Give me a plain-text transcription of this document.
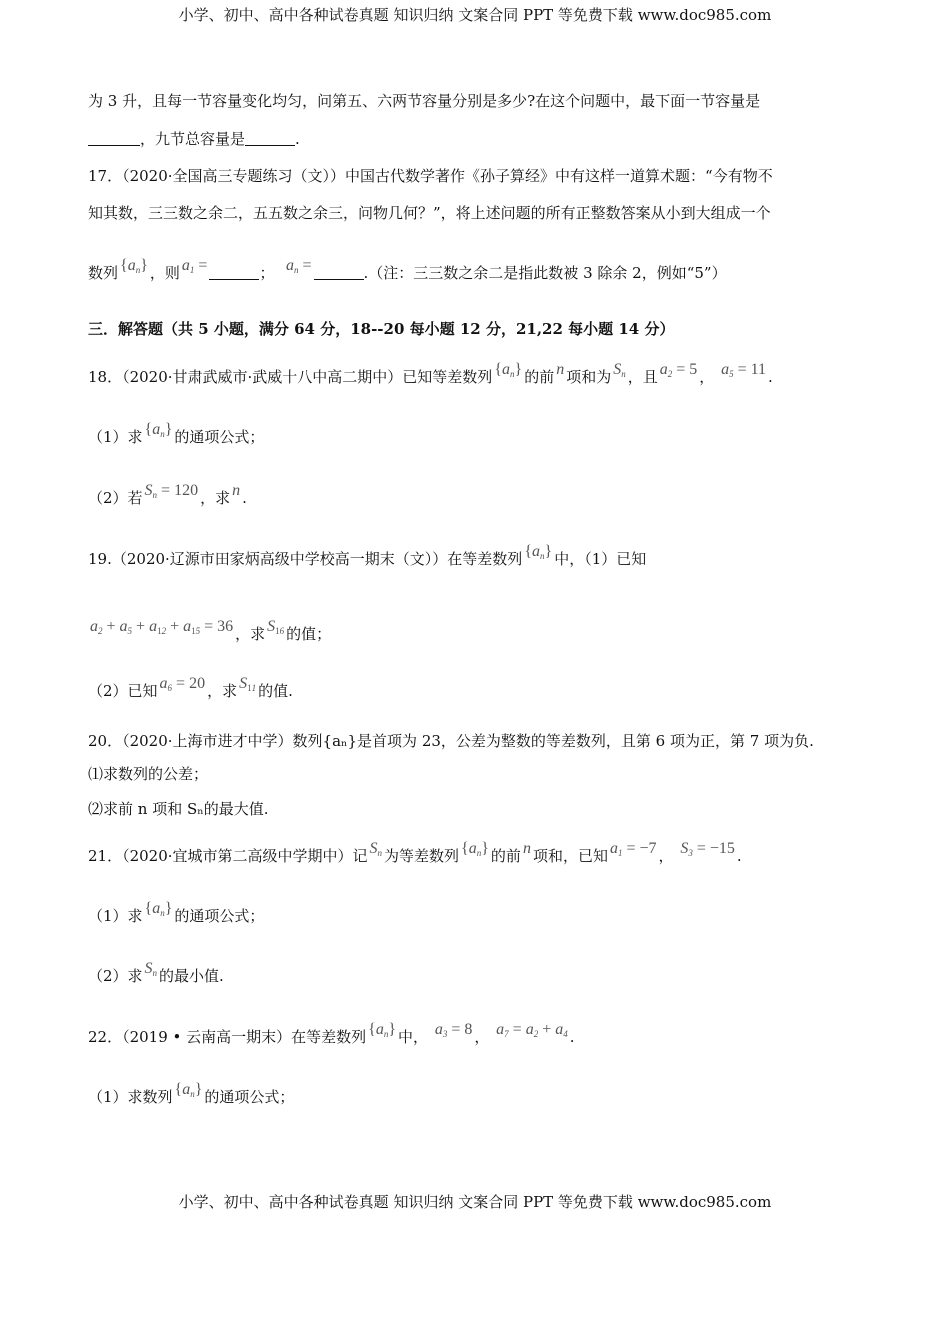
小学、初中、高中各种试卷真题 知识归纳 文案合同 PPT 等免费下载 www.doc985.com
为 3 升，且每一节容量变化均匀，问第五、六两节容量分别是多少?在这个问题中，最下面一节容量是
，九节总容量是	.
17．（2020·全国高三专题练习（文））中国古代数学著作《孙子算经》中有这样一道算术题：“今有物不
知其数，三三数之余二，五五数之余三，问物几何？”，将上述问题的所有正整数答案从小到大组成一个
数列 $\{a_n\}$ ，则 $a_1$ =	； $a_n$ =	.（注：三三数之余二是指此数被 3 除余 2，例如“5”）
三．解答题（共 5 小题，满分 64 分，18--20 每小题 12 分，21,22 每小题 14 分）
18．（2020·甘肃武威市·武威十八中高二期中）已知等差数列 $\{a_n\}$ 的前 n 项和为 $S_n$ ，且 $a_2 = 5$ ， $a_5 = 11$ .
（1）求 $\{a_n\}$ 的通项公式；
（2）若 $S_n = 120$ ，求 n .
19.（2020·辽源市田家炳高级中学校高一期末（文））在等差数列 $\{a_n\}$ 中，（1）已知
$a_2 + a_5 + a_{12} + a_{15} = 36$ ，求 $S_{16}$ 的值；
（2）已知 $a_6 = 20$ ，求 $S_{11}$ 的值.
20．（2020·上海市进才中学）数列{aₙ}是首项为 23，公差为整数的等差数列，且第 6 项为正，第 7 项为负.
⑴求数列的公差；
⑵求前 n 项和 Sₙ的最大值.
21．（2020·宜城市第二高级中学期中）记 $S_n$ 为等差数列 $\{a_n\}$ 的前 n 项和，已知 $a_1 = -7$ ， $S_3 = -15$ .
（1）求 $\{a_n\}$ 的通项公式；
（2）求 $S_n$ 的最小值.
22．（2019 • 云南高一期末）在等差数列 $\{a_n\}$ 中， $a_3 = 8$ ， $a_7 = a_2 + a_4$ .
（1）求数列 $\{a_n\}$ 的通项公式；
小学、初中、高中各种试卷真题 知识归纳 文案合同 PPT 等免费下载 www.doc985.com
